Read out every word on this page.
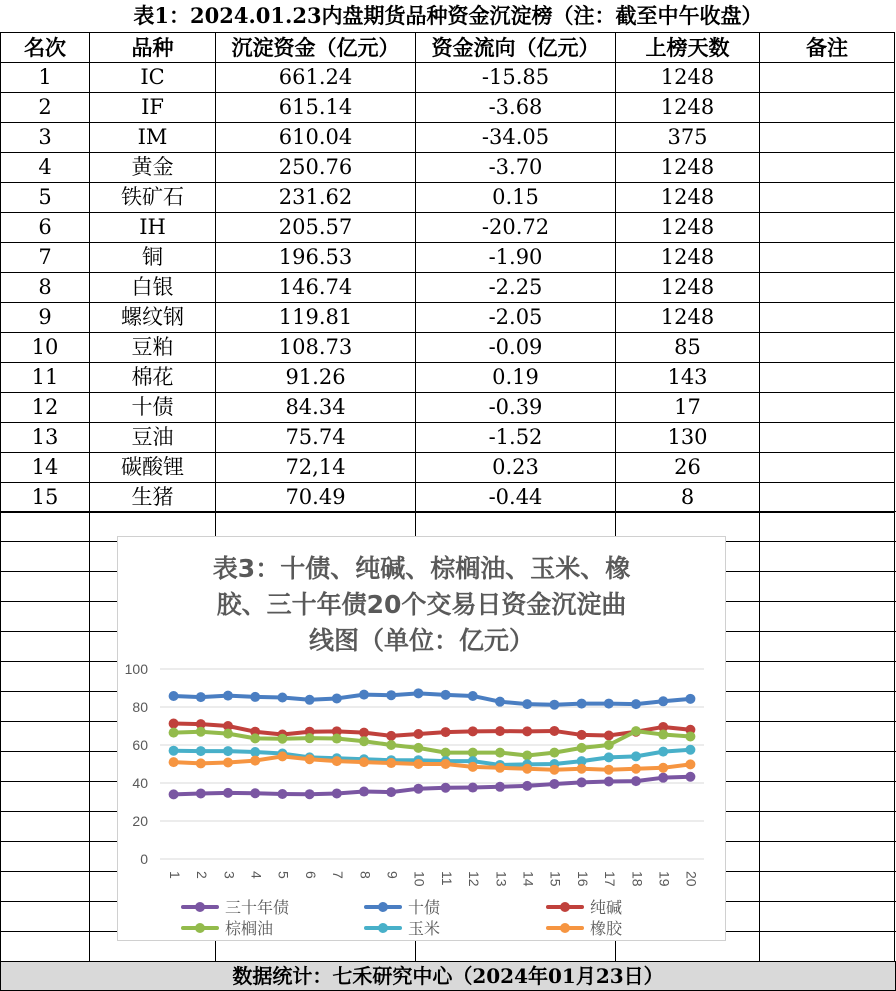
表1：2024.01.23内盘期货品种资金沉淀榜（注：截至中午收盘）
名次	品种	沉淀资金（亿元）	资金流向（亿元）	上榜天数	备注
1	IC	661.24	-15.85	1248	
2	IF	615.14	-3.68	1248	
3	IM	610.04	-34.05	375	
4	黄金	250.76	-3.70	1248	
5	铁矿石	231.62	0.15	1248	
6	IH	205.57	-20.72	1248	
7	铜	196.53	-1.90	1248	
8	白银	146.74	-2.25	1248	
9	螺纹钢	119.81	-2.05	1248	
10	豆粕	108.73	-0.09	85	
11	棉花	91.26	0.19	143	
12	十债	84.34	-0.39	17	
13	豆油	75.74	-1.52	130	
14	碳酸锂	72,14	0.23	26	
15	生猪	70.49	-0.44	8	
数据统计：七禾研究中心（2024年01月23日）
表3：十债、纯碱、棕榈油、玉米、橡
胶、三十年债20个交易日资金沉淀曲
线图（单位：亿元）
0
20
40
60
80
100
1 2 3 4 5 6 7 8 9 10 11 12 13 14 15 16 17 18 19 20
三十年债	十债	纯碱
棕榈油	玉米	橡胶
